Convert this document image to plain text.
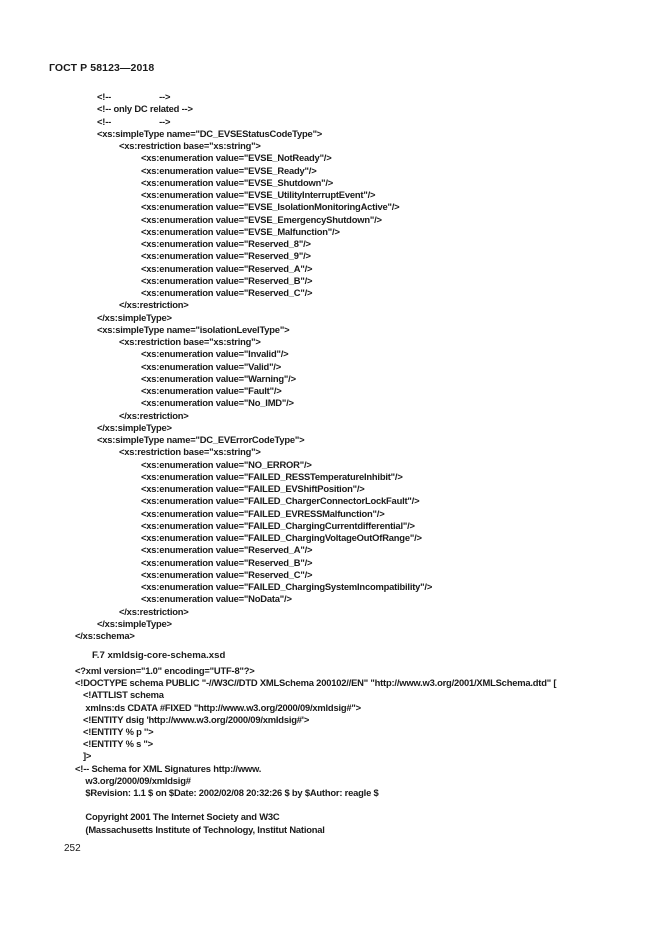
ГОСТ Р 58123—2018
<!--                    -->
<!-- only DC related -->
<!--                    -->
<xs:simpleType name="DC_EVSEStatusCodeType">
<xs:restriction base="xs:string">
<xs:enumeration value="EVSE_NotReady"/>
<xs:enumeration value="EVSE_Ready"/>
<xs:enumeration value="EVSE_Shutdown"/>
<xs:enumeration value="EVSE_UtilityInterruptEvent"/>
<xs:enumeration value="EVSE_IsolationMonitoringActive"/>
<xs:enumeration value="EVSE_EmergencyShutdown"/>
<xs:enumeration value="EVSE_Malfunction"/>
<xs:enumeration value="Reserved_8"/>
<xs:enumeration value="Reserved_9"/>
<xs:enumeration value="Reserved_A"/>
<xs:enumeration value="Reserved_B"/>
<xs:enumeration value="Reserved_C"/>
</xs:restriction>
</xs:simpleType>
<xs:simpleType name="isolationLevelType">
<xs:restriction base="xs:string">
<xs:enumeration value="Invalid"/>
<xs:enumeration value="Valid"/>
<xs:enumeration value="Warning"/>
<xs:enumeration value="Fault"/>
<xs:enumeration value="No_IMD"/>
</xs:restriction>
</xs:simpleType>
<xs:simpleType name="DC_EVErrorCodeType">
<xs:restriction base="xs:string">
<xs:enumeration value="NO_ERROR"/>
<xs:enumeration value="FAILED_RESSTemperatureInhibit"/>
<xs:enumeration value="FAILED_EVShiftPosition"/>
<xs:enumeration value="FAILED_ChargerConnectorLockFault"/>
<xs:enumeration value="FAILED_EVRESSMalfunction"/>
<xs:enumeration value="FAILED_ChargingCurrentdifferential"/>
<xs:enumeration value="FAILED_ChargingVoltageOutOfRange"/>
<xs:enumeration value="Reserved_A"/>
<xs:enumeration value="Reserved_B"/>
<xs:enumeration value="Reserved_C"/>
<xs:enumeration value="FAILED_ChargingSystemIncompatibility"/>
<xs:enumeration value="NoData"/>
</xs:restriction>
</xs:simpleType>
</xs:schema>
F.7 xmldsig-core-schema.xsd
<?xml version="1.0" encoding="UTF-8"?>
<!DOCTYPE schema PUBLIC "-//W3C//DTD XMLSchema 200102//EN" "http://www.w3.org/2001/XMLSchema.dtd" [
<!ATTLIST schema
xmlns:ds CDATA #FIXED "http://www.w3.org/2000/09/xmldsig#">
<!ENTITY dsig 'http://www.w3.org/2000/09/xmldsig#'>
<!ENTITY % p ''>
<!ENTITY % s ''>
]>
<!-- Schema for XML Signatures http://www.
w3.org/2000/09/xmldsig#
$Revision: 1.1 $ on $Date: 2002/02/08 20:32:26 $ by $Author: reagle $
Copyright 2001 The Internet Society and W3C
(Massachusetts Institute of Technology, Institut National
252
